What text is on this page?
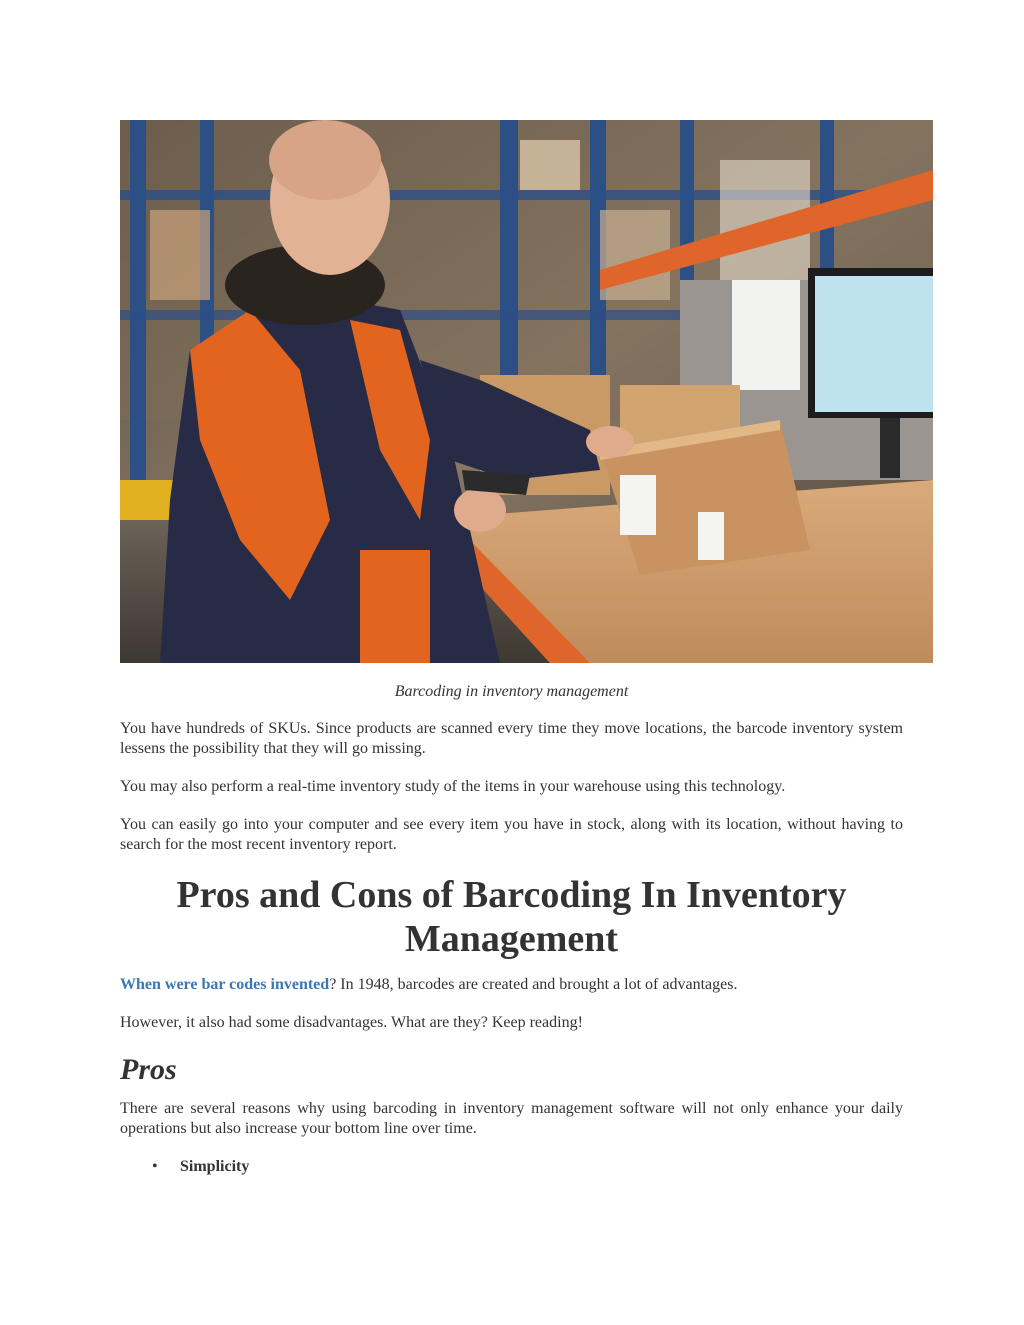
Barcoding in inventory management

You have hundreds of SKUs. Since products are scanned every time they move locations, the barcode inventory system lessens the possibility that they will go missing.

You may also perform a real-time inventory study of the items in your warehouse using this technology.

You can easily go into your computer and see every item you have in stock, along with its location, without having to search for the most recent inventory report.

Pros and Cons of Barcoding In Inventory Management

When were bar codes invented? In 1948, barcodes are created and brought a lot of advantages.

However, it also had some disadvantages. What are they? Keep reading!

Pros

There are several reasons why using barcoding in inventory management software will not only enhance your daily operations but also increase your bottom line over time.

• Simplicity
